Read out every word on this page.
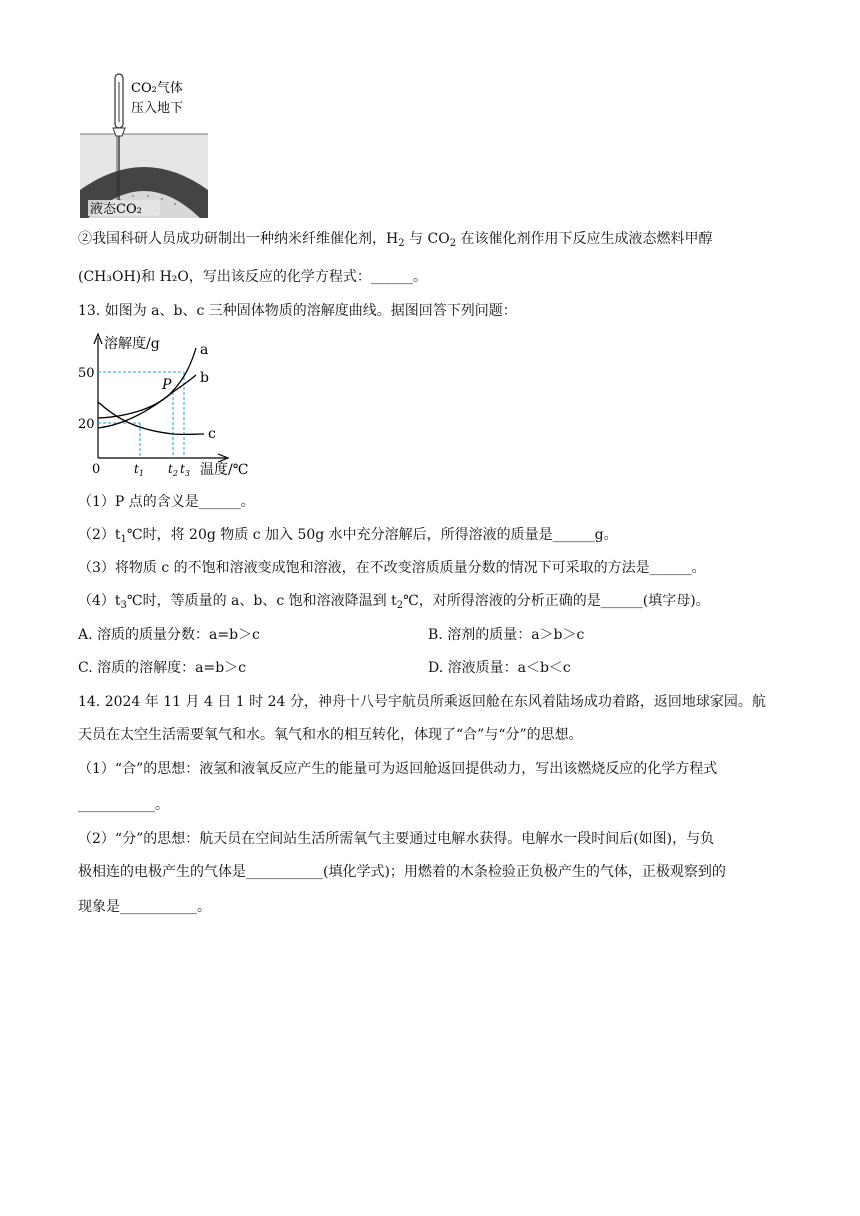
CO₂气体
压入地下
液态CO₂
②我国科研人员成功研制出一种纳米纤维催化剂，$H_2$ 与 $CO_2$ 在该催化剂作用下反应生成液态燃料甲醇
(CH₃OH)和 H₂O，写出该反应的化学方程式：______。
13. 如图为 a、b、c 三种固体物质的溶解度曲线。据图回答下列问题：
溶解度/g
50
20
0
a
b
c
P
$t_1$ $t_2$ $t_3$ 温度/℃
（1）P 点的含义是______。
$(2)t_1℃$时，将 20g 物质 c 加入 50g 水中充分溶解后，所得溶液的质量是______g。
（3）将物质 c 的不饱和溶液变成饱和溶液，在不改变溶质质量分数的情况下可采取的方法是______。
$(4)t_3℃$时，等质量的 a、b、c 饱和溶液降温到 $t_2℃$，对所得溶液的分析正确的是______(填字母)。
A. 溶质的质量分数：a=b＞c	B. 溶剂的质量：a＞b＞c
C. 溶质的溶解度：a=b＞c	D. 溶液质量：a＜b＜c
14. 2024 年 11 月 4 日 1 时 24 分，神舟十八号宇航员所乘返回舱在东风着陆场成功着路，返回地球家园。航
天员在太空生活需要氧气和水。氧气和水的相互转化，体现了“合”与“分”的思想。
（1）“合”的思想：液氢和液氧反应产生的能量可为返回舱返回提供动力，写出该燃烧反应的化学方程式
___________。
（2）“分”的思想：航天员在空间站生活所需氧气主要通过电解水获得。电解水一段时间后(如图)，与负
极相连的电极产生的气体是___________(填化学式)；用燃着的木条检验正负极产生的气体，正极观察到的
现象是___________。
